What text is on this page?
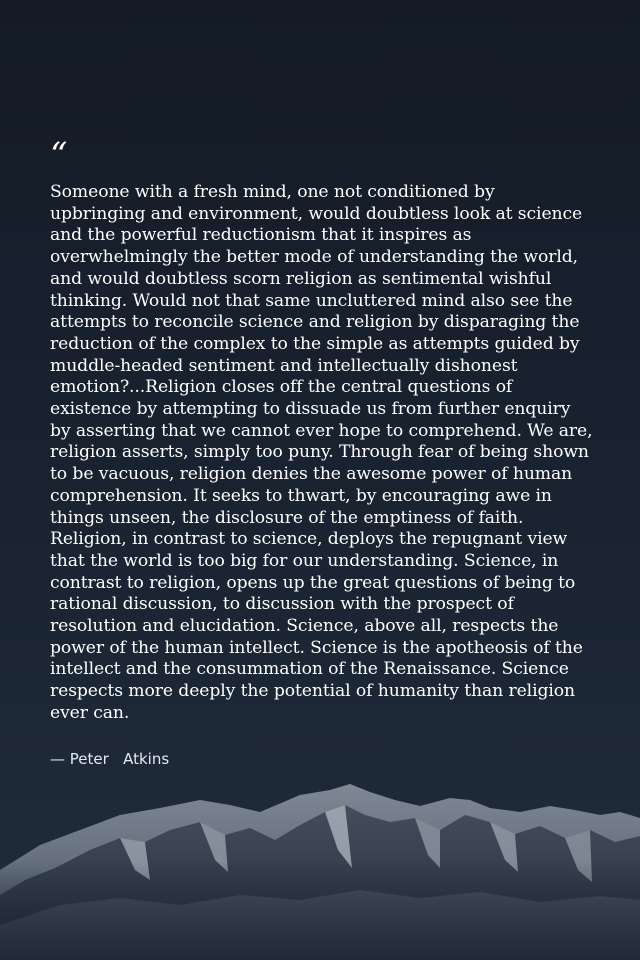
“

Someone with a fresh mind, one not conditioned by upbringing and environment, would doubtless look at science and the powerful reductionism that it inspires as overwhelmingly the better mode of understanding the world, and would doubtless scorn religion as sentimental wishful thinking. Would not that same uncluttered mind also see the attempts to reconcile science and religion by disparaging the reduction of the complex to the simple as attempts guided by muddle-headed sentiment and intellectually dishonest emotion?...Religion closes off the central questions of existence by attempting to dissuade us from further enquiry by asserting that we cannot ever hope to comprehend. We are, religion asserts, simply too puny. Through fear of being shown to be vacuous, religion denies the awesome power of human comprehension. It seeks to thwart, by encouraging awe in things unseen, the disclosure of the emptiness of faith. Religion, in contrast to science, deploys the repugnant view that the world is too big for our understanding. Science, in contrast to religion, opens up the great questions of being to rational discussion, to discussion with the prospect of resolution and elucidation. Science, above all, respects the power of the human intellect. Science is the apotheosis of the intellect and the consummation of the Renaissance. Science respects more deeply the potential of humanity than religion ever can.

— Peter   Atkins
